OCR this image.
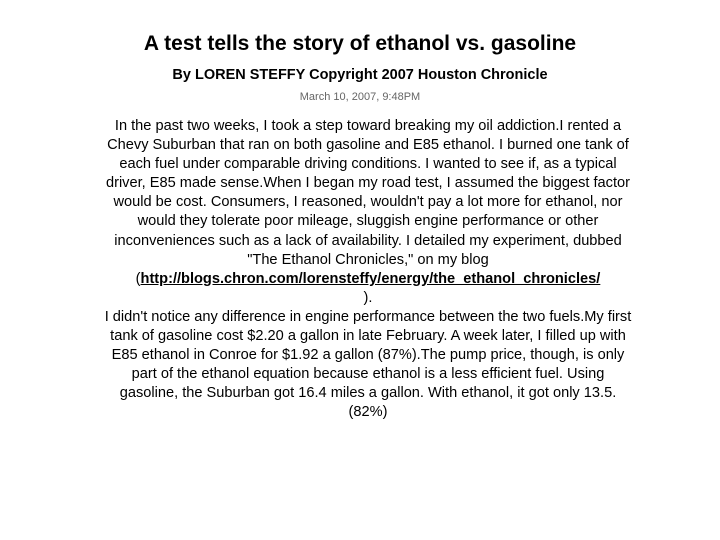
A test tells the story of ethanol vs. gasoline
By LOREN STEFFY Copyright 2007 Houston Chronicle
March 10, 2007, 9:48PM

In the past two weeks, I took a step toward breaking my oil addiction.I rented a Chevy Suburban that ran on both gasoline and E85 ethanol. I burned one tank of each fuel under comparable driving conditions. I wanted to see if, as a typical driver, E85 made sense.When I began my road test, I assumed the biggest factor would be cost. Consumers, I reasoned, wouldn't pay a lot more for ethanol, nor would they tolerate poor mileage, sluggish engine performance or other inconveniences such as a lack of availability. I detailed my experiment, dubbed "The Ethanol Chronicles," on my blog (http://blogs.chron.com/lorensteffy/energy/the_ethanol_chronicles/
).

I didn't notice any difference in engine performance between the two fuels.My first tank of gasoline cost $2.20 a gallon in late February. A week later, I filled up with E85 ethanol in Conroe for $1.92 a gallon (87%).The pump price, though, is only part of the ethanol equation because ethanol is a less efficient fuel. Using gasoline, the Suburban got 16.4 miles a gallon. With ethanol, it got only 13.5.(82%)
